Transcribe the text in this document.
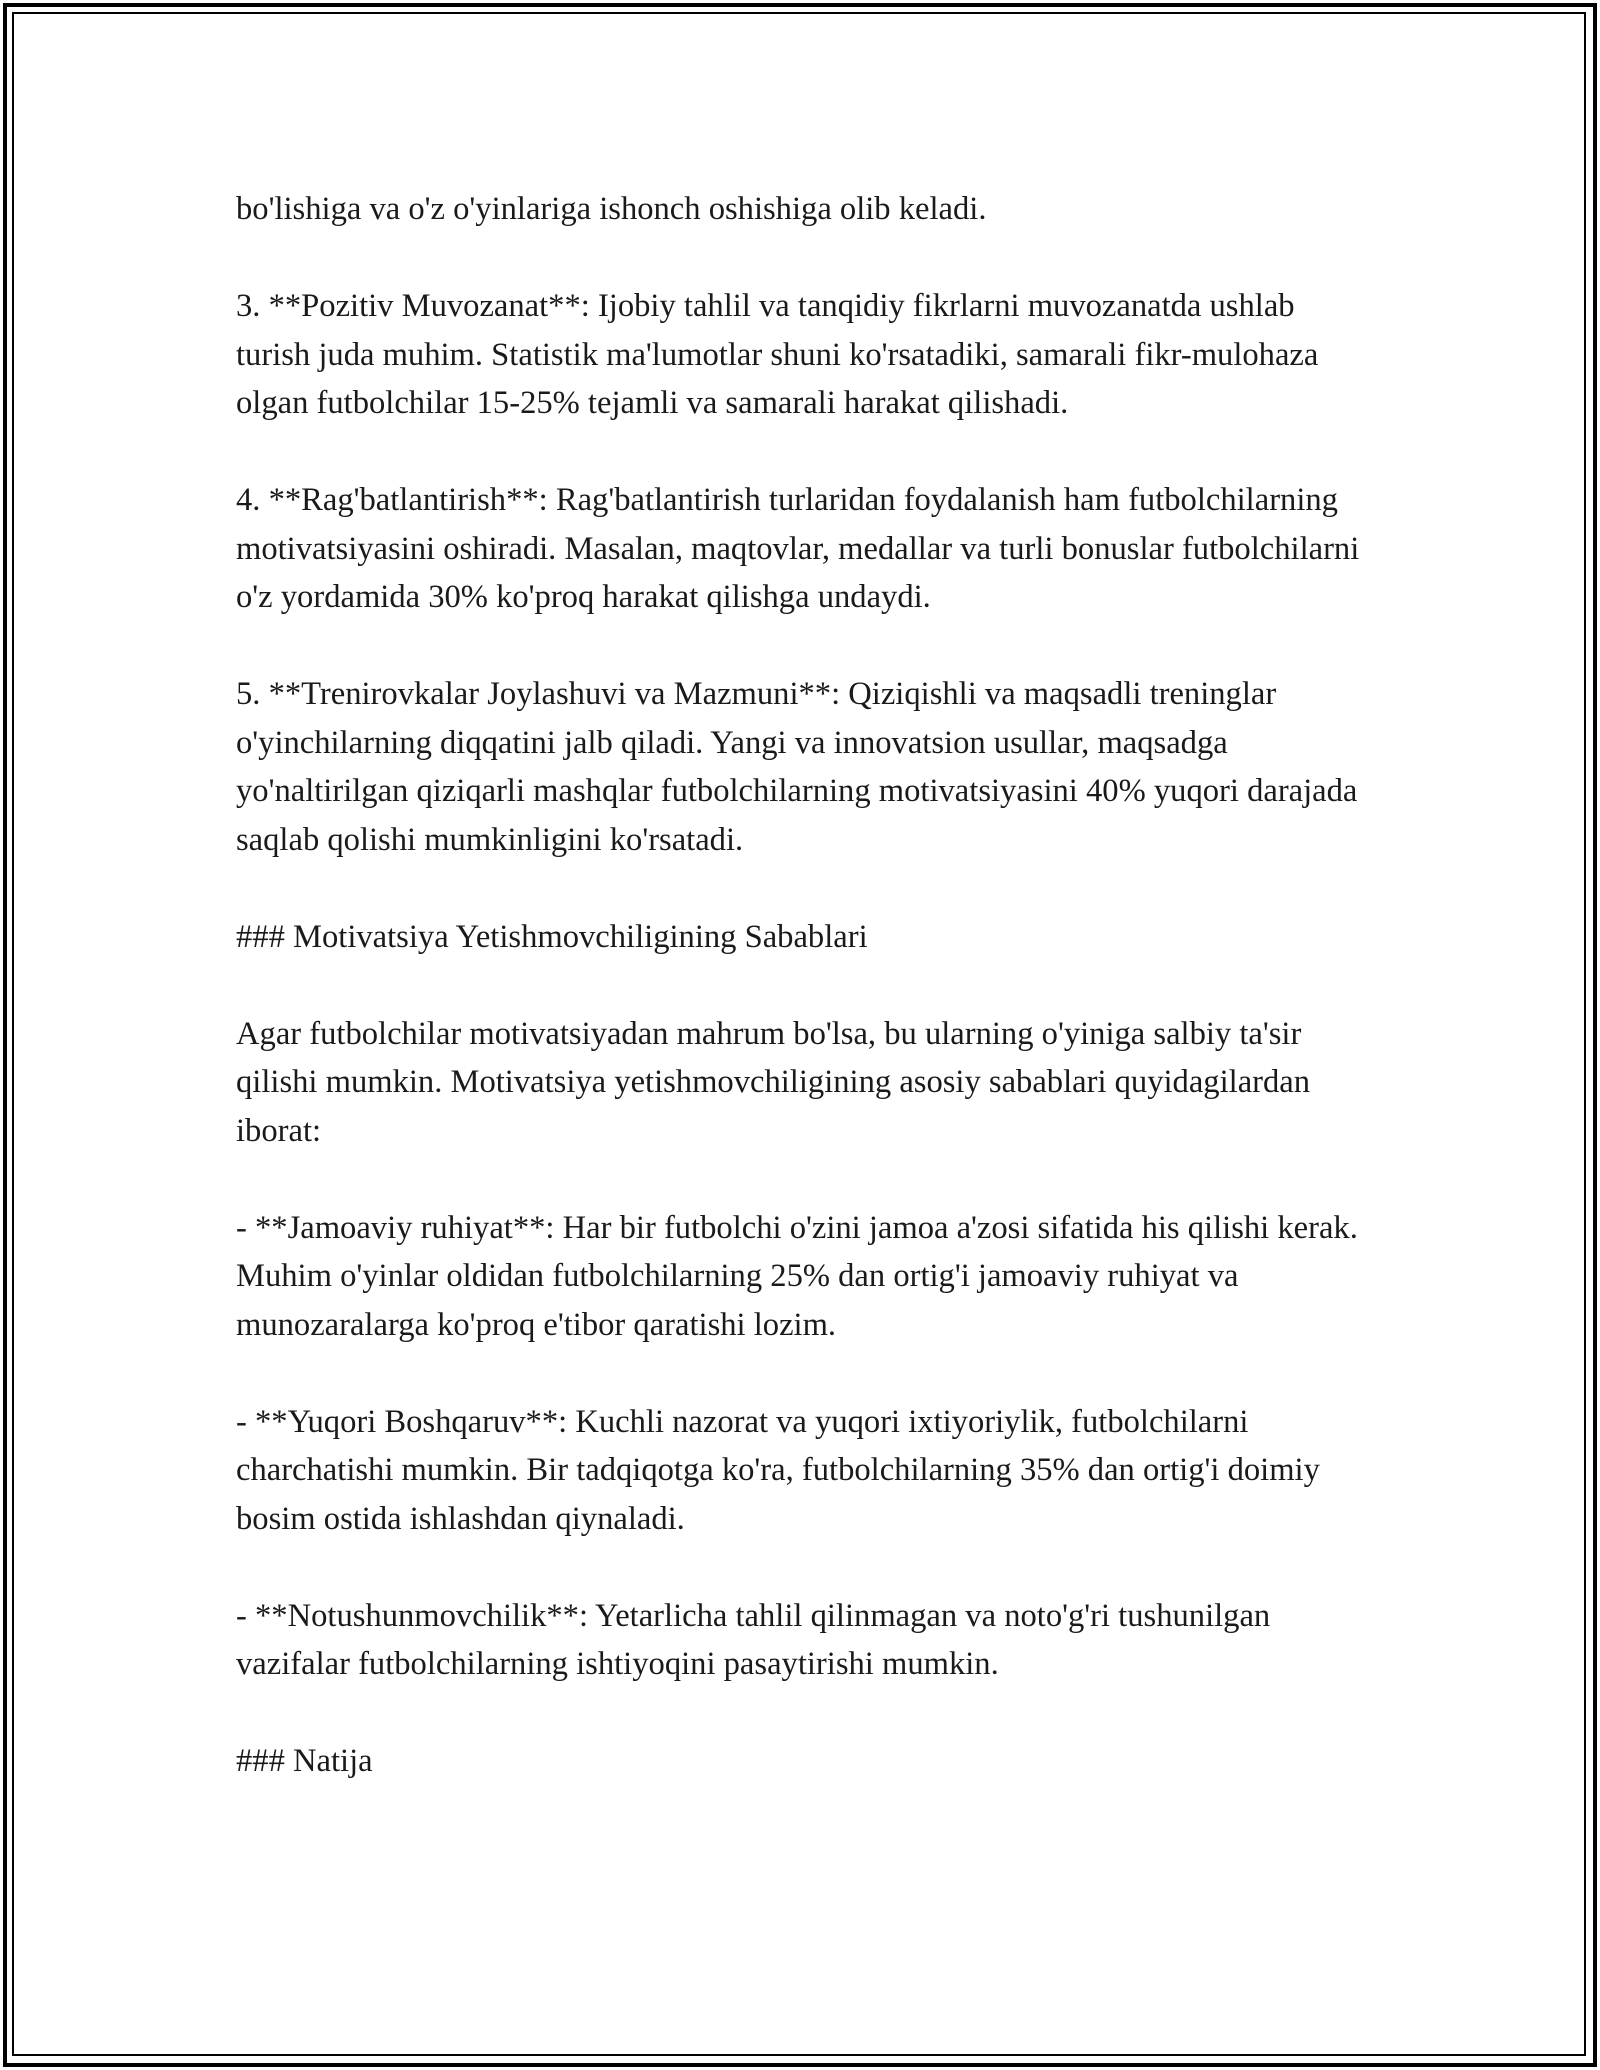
bo'lishiga va o'z o'yinlariga ishonch oshishiga olib keladi.

3. **Pozitiv Muvozanat**: Ijobiy tahlil va tanqidiy fikrlarni muvozanatda ushlab turish juda muhim. Statistik ma'lumotlar shuni ko'rsatadiki, samarali fikr-mulohaza olgan futbolchilar 15-25% tejamli va samarali harakat qilishadi.

4. **Rag'batlantirish**: Rag'batlantirish turlaridan foydalanish ham futbolchilarning motivatsiyasini oshiradi. Masalan, maqtovlar, medallar va turli bonuslar futbolchilarni o'z yordamida 30% ko'proq harakat qilishga undaydi.

5. **Trenirovkalar Joylashuvi va Mazmuni**: Qiziqishli va maqsadli treninglar o'yinchilarning diqqatini jalb qiladi. Yangi va innovatsion usullar, maqsadga yo'naltirilgan qiziqarli mashqlar futbolchilarning motivatsiyasini 40% yuqori darajada saqlab qolishi mumkinligini ko'rsatadi.

### Motivatsiya Yetishmovchiligining Sabablari

Agar futbolchilar motivatsiyadan mahrum bo'lsa, bu ularning o'yiniga salbiy ta'sir qilishi mumkin. Motivatsiya yetishmovchiligining asosiy sabablari quyidagilardan iborat:

- **Jamoaviy ruhiyat**: Har bir futbolchi o'zini jamoa a'zosi sifatida his qilishi kerak. Muhim o'yinlar oldidan futbolchilarning 25% dan ortig'i jamoaviy ruhiyat va munozaralarga ko'proq e'tibor qaratishi lozim.

- **Yuqori Boshqaruv**: Kuchli nazorat va yuqori ixtiyoriylik, futbolchilarni charchatishi mumkin. Bir tadqiqotga ko'ra, futbolchilarning 35% dan ortig'i doimiy bosim ostida ishlashdan qiynaladi.

- **Notushunmovchilik**: Yetarlicha tahlil qilinmagan va noto'g'ri tushunilgan vazifalar futbolchilarning ishtiyoqini pasaytirishi mumkin.

### Natija
